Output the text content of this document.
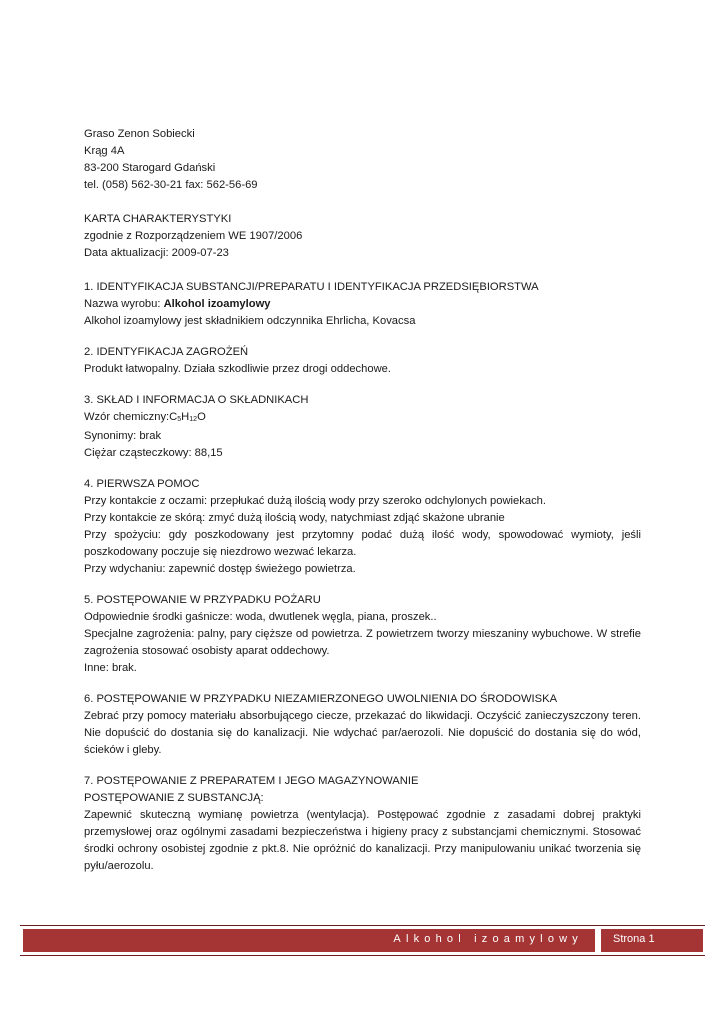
Graso Zenon Sobiecki
Krąg 4A
83-200 Starogard Gdański
tel. (058) 562-30-21 fax: 562-56-69
KARTA CHARAKTERYSTYKI
zgodnie z Rozporządzeniem WE 1907/2006
Data aktualizacji: 2009-07-23
1. IDENTYFIKACJA SUBSTANCJI/PREPARATU I IDENTYFIKACJA PRZEDSIĘBIORSTWA
Nazwa wyrobu: Alkohol izoamylowy
Alkohol izoamylowy jest składnikiem odczynnika Ehrlicha, Kovacsa
2. IDENTYFIKACJA ZAGROŻEŃ
Produkt łatwopalny. Działa szkodliwie przez drogi oddechowe.
3. SKŁAD I INFORMACJA O SKŁADNIKACH
Wzór chemiczny:C5H12O
Synonimy: brak
Ciężar cząsteczkowy: 88,15
4. PIERWSZA POMOC
Przy kontakcie z oczami: przepłukać dużą ilością wody przy szeroko odchylonych powiekach.
Przy kontakcie ze skórą: zmyć dużą ilością wody, natychmiast zdjąć skażone ubranie
Przy spożyciu: gdy poszkodowany jest przytomny podać dużą ilość wody, spowodować wymioty, jeśli poszkodowany poczuje się niezdrowo wezwać lekarza.
Przy wdychaniu: zapewnić dostęp świeżego powietrza.
5. POSTĘPOWANIE W PRZYPADKU POŻARU
Odpowiednie środki gaśnicze: woda, dwutlenek węgla, piana, proszek..
Specjalne zagrożenia: palny, pary cięższe od powietrza. Z powietrzem tworzy mieszaniny wybuchowe. W strefie zagrożenia stosować osobisty aparat oddechowy.
Inne: brak.
6. POSTĘPOWANIE W PRZYPADKU NIEZAMIERZONEGO UWOLNIENIA DO ŚRODOWISKA
Zebrać przy pomocy materiału absorbującego ciecze, przekazać do likwidacji. Oczyścić zanieczyszczony teren. Nie dopuścić do dostania się do kanalizacji. Nie wdychać par/aerozoli. Nie dopuścić do dostania się do wód, ścieków i gleby.
7. POSTĘPOWANIE Z PREPARATEM I JEGO MAGAZYNOWANIE
POSTĘPOWANIE Z SUBSTANCJĄ:
Zapewnić skuteczną wymianę powietrza (wentylacja). Postępować zgodnie z zasadami dobrej praktyki przemysłowej oraz ogólnymi zasadami bezpieczeństwa i higieny pracy z substancjami chemicznymi. Stosować środki ochrony osobistej zgodnie z pkt.8. Nie opróżnić do kanalizacji. Przy manipulowaniu unikać tworzenia się pyłu/aerozolu.
Alkohol izoamylowy	Strona 1
